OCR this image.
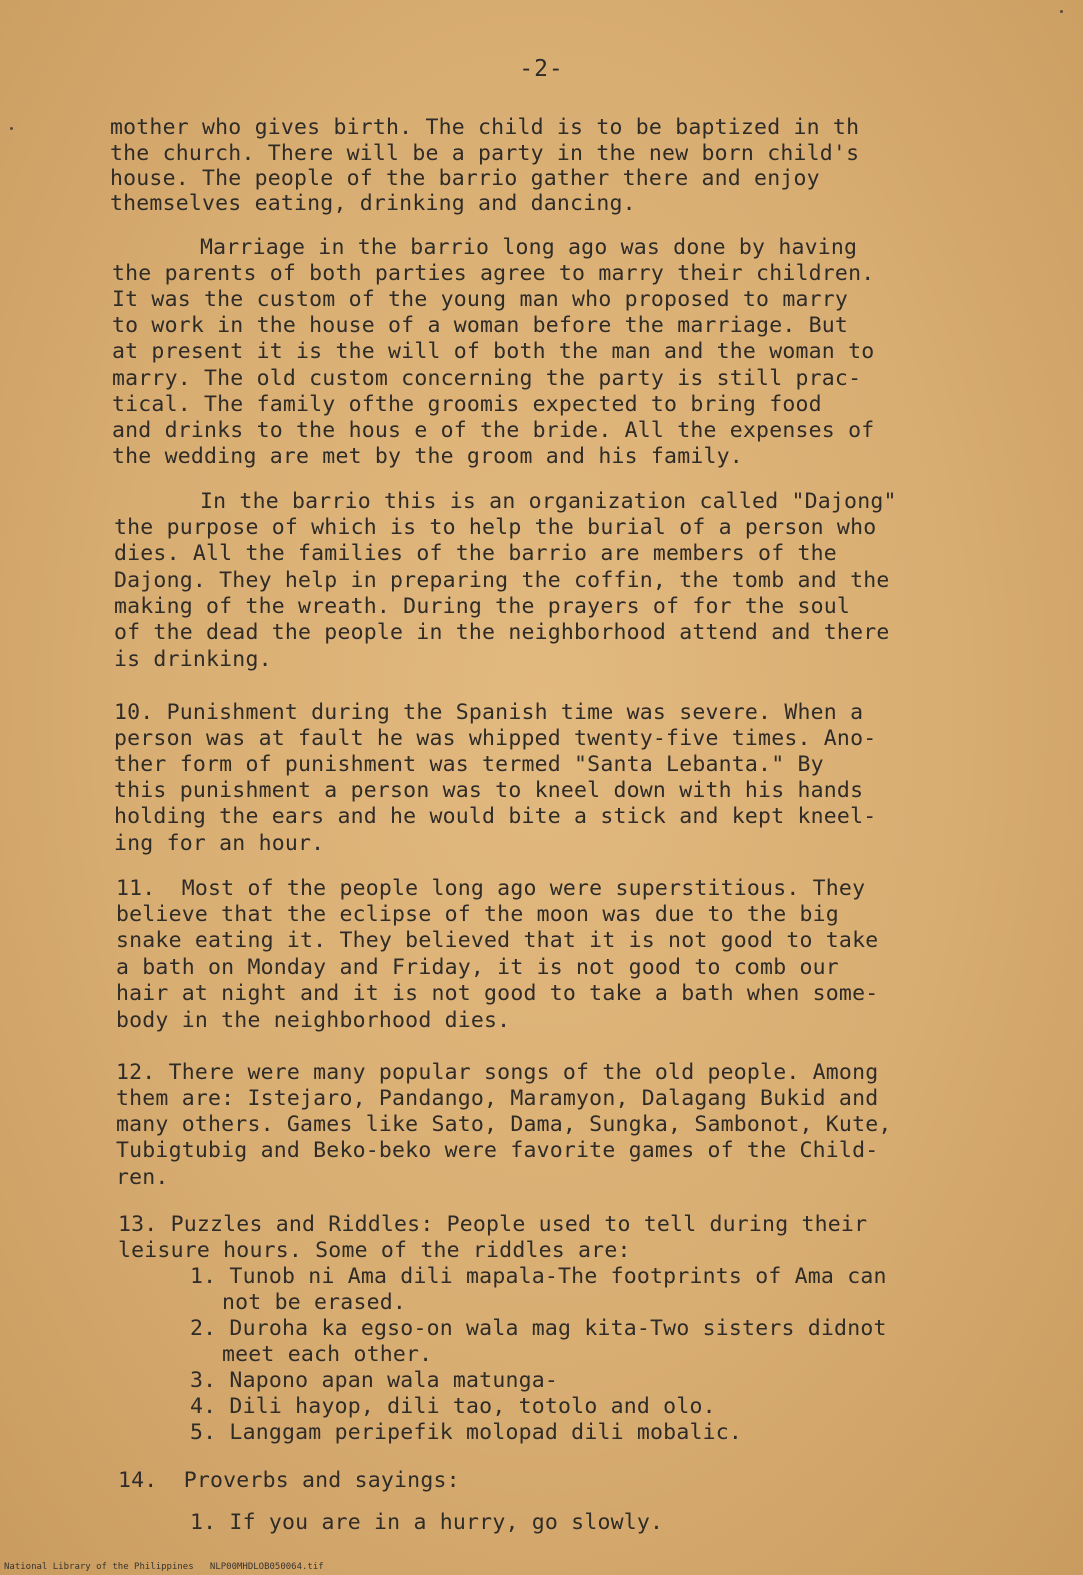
-2-
mother who gives birth. The child is to be baptized in th
the church. There will be a party in the new born child's
house. The people of the barrio gather there and enjoy
themselves eating, drinking and dancing.
Marriage in the barrio long ago was done by having
the parents of both parties agree to marry their children.
It was the custom of the young man who proposed to marry
to work in the house of a woman before the marriage. But
at present it is the will of both the man and the woman to
marry. The old custom concerning the party is still prac-
tical. The family ofthe groomis expected to bring food
and drinks to the hous e of the bride. All the expenses of
the wedding are met by the groom and his family.
In the barrio this is an organization called "Dajong"
the purpose of which is to help the burial of a person who
dies. All the families of the barrio are members of the
Dajong. They help in preparing the coffin, the tomb and the
making of the wreath. During the prayers of for the soul
of the dead the people in the neighborhood attend and there
is drinking.
10. Punishment during the Spanish time was severe. When a
person was at fault he was whipped twenty-five times. Ano-
ther form of punishment was termed "Santa Lebanta." By
this punishment a person was to kneel down with his hands
holding the ears and he would bite a stick and kept kneel-
ing for an hour.
11.  Most of the people long ago were superstitious. They
believe that the eclipse of the moon was due to the big
snake eating it. They believed that it is not good to take
a bath on Monday and Friday, it is not good to comb our
hair at night and it is not good to take a bath when some-
body in the neighborhood dies.
12. There were many popular songs of the old people. Among
them are: Istejaro, Pandango, Maramyon, Dalagang Bukid and
many others. Games like Sato, Dama, Sungka, Sambonot, Kute,
Tubigtubig and Beko-beko were favorite games of the Child-
ren.
13. Puzzles and Riddles: People used to tell during their
leisure hours. Some of the riddles are:
1. Tunob ni Ama dili mapala-The footprints of Ama can
not be erased.
2. Duroha ka egso-on wala mag kita-Two sisters didnot
meet each other.
3. Napono apan wala matunga-
4. Dili hayop, dili tao, totolo and olo.
5. Langgam peripefik molopad dili mobalic.
14.  Proverbs and sayings:
1. If you are in a hurry, go slowly.
National Library of the Philippines   NLP00MHDLOB050064.tif
